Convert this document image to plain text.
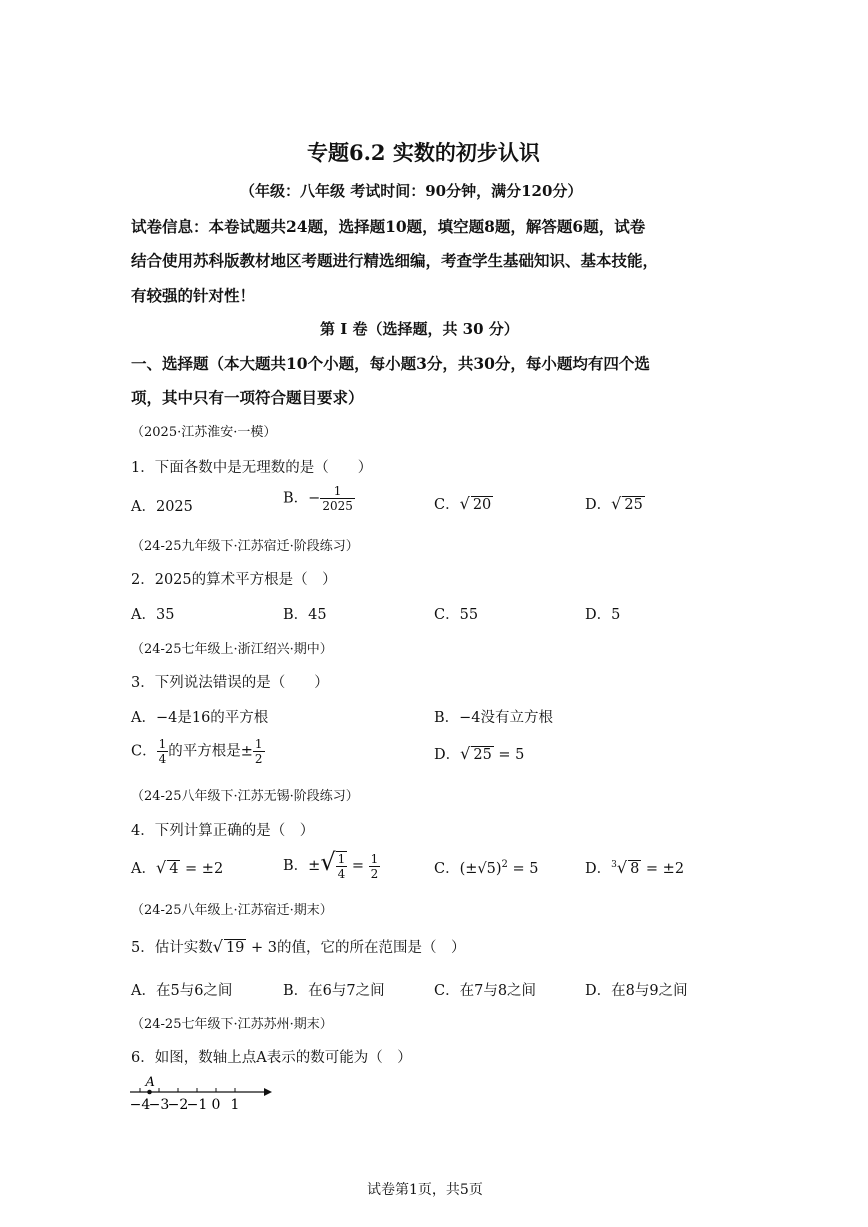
专题6.2 实数的初步认识
（年级：八年级 考试时间：90分钟，满分120分）
试卷信息：本卷试题共24题，选择题10题，填空题8题，解答题6题，试卷
结合使用苏科版教材地区考题进行精选细编，考查学生基础知识、基本技能，
有较强的针对性！
第 I 卷（选择题，共 30 分）
一、选择题（本大题共10个小题，每小题3分，共30分，每小题均有四个选
项，其中只有一项符合题目要求）
（2025·江苏淮安·一模）
1．下面各数中是无理数的是（　　）
A．2025
B．− $\frac{1}{2025}$	C．√ 20	D．√ 25
（24-25九年级下·江苏宿迁·阶段练习）
2．2025的算术平方根是（　）
A．35	B．45	C．55	D．5
（24-25七年级上·浙江绍兴·期中）
3．下列说法错误的是（　　）
A．−4是16的平方根	B．−4没有立方根
C． $\frac{1}{4}$ 的平方根是± $\frac{1}{2}$	D．√ 25 = 5
（24-25八年级下·江苏无锡·阶段练习）
4．下列计算正确的是（　）
A．√ 4 = ±2	B．±√ $\frac{1}{4} = \frac{1}{2}$	C．$(\pm√5)^2 = 5$	D．$^3$√ 8 = ±2
（24-25八年级上·江苏宿迁·期末）
5．估计实数√ 19 + 3的值，它的所在范围是（　）
A．在5与6之间	B．在6与7之间	C．在7与8之间	D．在8与9之间
（24-25七年级下·江苏苏州·期末）
6．如图，数轴上点A表示的数可能为（　）
−4
−3
−2
−1 0 1
A
试卷第1页，共5页
